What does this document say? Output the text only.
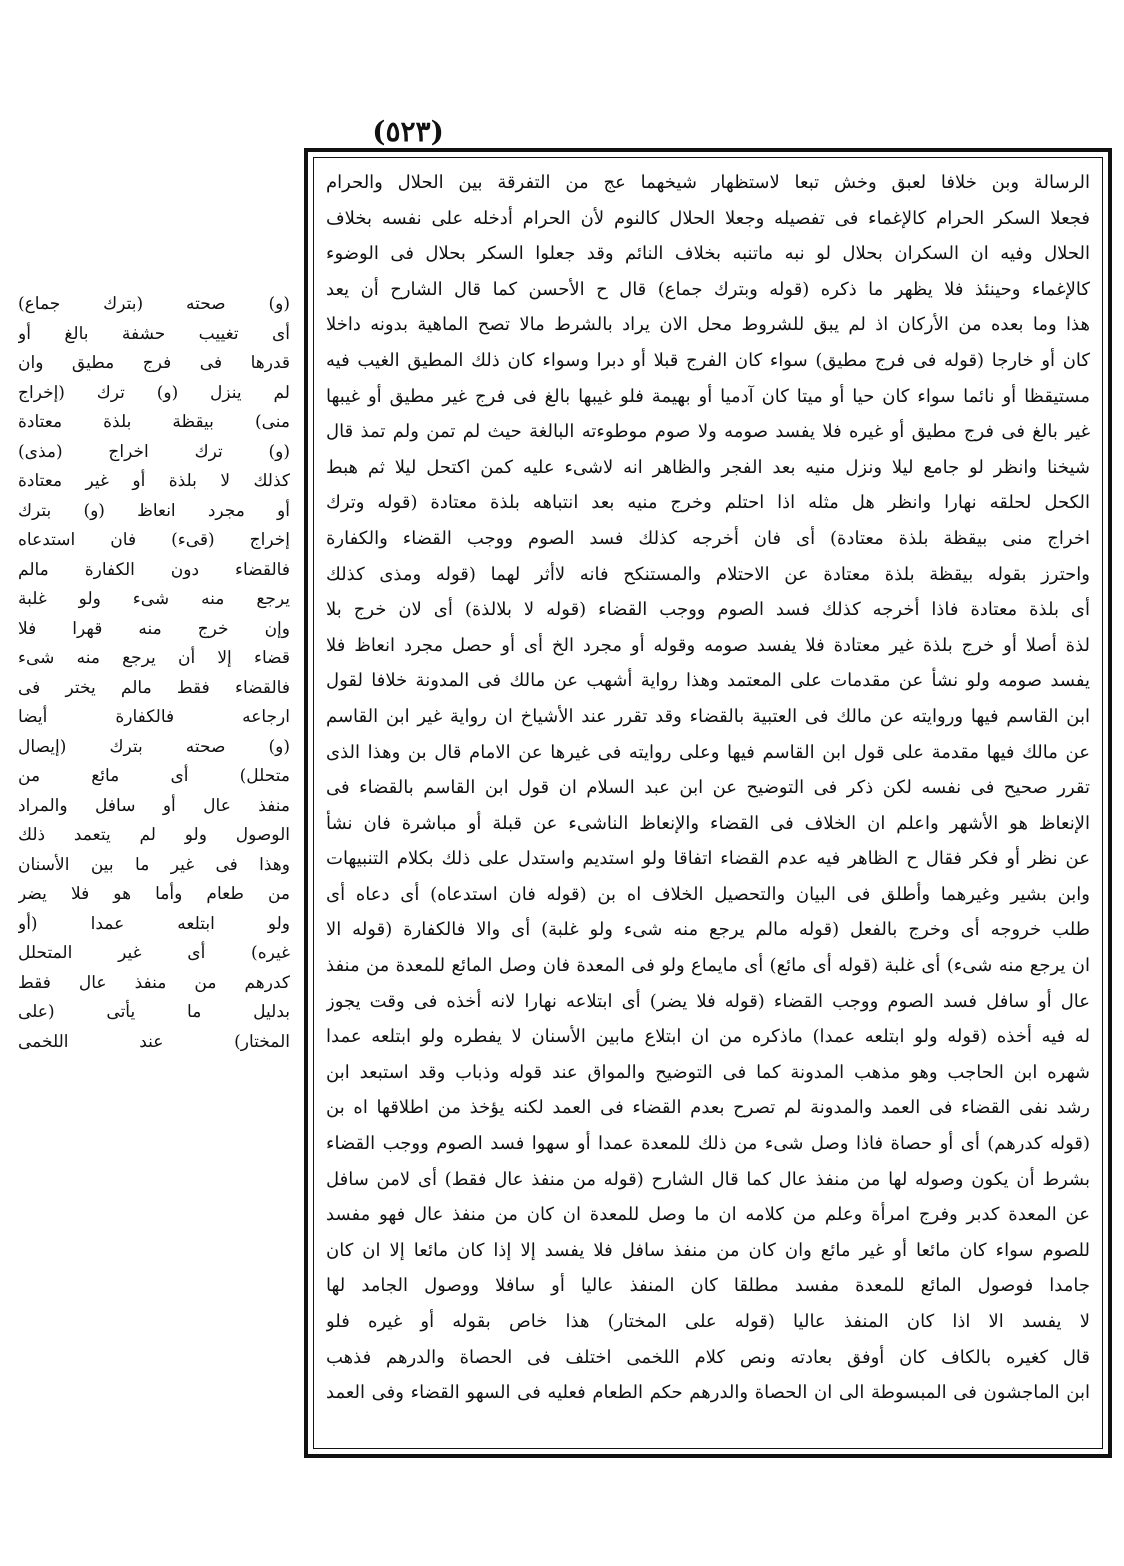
(٥٢٣)
(و) صحته (بترك جماع)
أى تغييب حشفة بالغ أو
قدرها فى فرج مطيق وان
لم ينزل (و) ترك (إخراج
منى) بيقظة بلذة معتادة
(و) ترك اخراج (مذى)
كذلك لا بلذة أو غير معتادة
أو مجرد انعاظ (و) بترك
إخراج (قىء) فان استدعاه
فالقضاء دون الكفارة مالم
يرجع منه شىء ولو غلبة
وإن خرج منه قهرا فلا
قضاء إلا أن يرجع منه شىء
فالقضاء فقط مالم يختر فى
ارجاعه فالكفارة أيضا
(و) صحته بترك (إيصال
متحلل) أى مائع من
منفذ عال أو سافل والمراد
الوصول ولو لم يتعمد ذلك
وهذا فى غير ما بين الأسنان
من طعام وأما هو فلا يضر
ولو ابتلعه عمدا (أو
غيره) أى غير المتحلل
كدرهم من منفذ عال فقط
بدليل ما يأتى (على
المختار) عند اللخمى
الرسالة وبن خلافا لعبق وخش تبعا لاستظهار شيخهما عج من التفرقة بين الحلال والحرام
فجعلا السكر الحرام كالإغماء فى تفصيله وجعلا الحلال كالنوم لأن الحرام أدخله على نفسه بخلاف
الحلال وفيه ان السكران بحلال لو نبه ماتنبه بخلاف النائم وقد جعلوا السكر بحلال فى الوضوء
كالإغماء وحينئذ فلا يظهر ما ذكره (قوله وبترك جماع) قال ح الأحسن كما قال الشارح أن يعد
هذا وما بعده من الأركان اذ لم يبق للشروط محل الان يراد بالشرط مالا تصح الماهية بدونه داخلا
كان أو خارجا (قوله فى فرج مطيق) سواء كان الفرج قبلا أو دبرا وسواء كان ذلك المطيق الغيب فيه
مستيقظا أو نائما سواء كان حيا أو ميتا كان آدميا أو بهيمة فلو غيبها بالغ فى فرج غير مطيق أو غيبها
غير بالغ فى فرج مطيق أو غيره فلا يفسد صومه ولا صوم موطوءته البالغة حيث لم تمن ولم تمذ قال
شيخنا وانظر لو جامع ليلا ونزل منيه بعد الفجر والظاهر انه لاشىء عليه كمن اكتحل ليلا ثم هبط
الكحل لحلقه نهارا وانظر هل مثله اذا احتلم وخرج منيه بعد انتباهه بلذة معتادة (قوله وترك
اخراج منى بيقظة بلذة معتادة) أى فان أخرجه كذلك فسد الصوم ووجب القضاء والكفارة
واحترز بقوله بيقظة بلذة معتادة عن الاحتلام والمستنكح فانه لاأثر لهما (قوله ومذى كذلك
أى بلذة معتادة فاذا أخرجه كذلك فسد الصوم ووجب القضاء (قوله لا بلالذة) أى لان خرج بلا
لذة أصلا أو خرج بلذة غير معتادة فلا يفسد صومه وقوله أو مجرد الخ أى أو حصل مجرد انعاظ فلا
يفسد صومه ولو نشأ عن مقدمات على المعتمد وهذا رواية أشهب عن مالك فى المدونة خلافا لقول
ابن القاسم فيها وروايته عن مالك فى العتبية بالقضاء وقد تقرر عند الأشياخ ان رواية غير ابن القاسم
عن مالك فيها مقدمة على قول ابن القاسم فيها وعلى روايته فى غيرها عن الامام قال بن وهذا الذى
تقرر صحيح فى نفسه لكن ذكر فى التوضيح عن ابن عبد السلام ان قول ابن القاسم بالقضاء فى
الإنعاظ هو الأشهر واعلم ان الخلاف فى القضاء والإنعاظ الناشىء عن قبلة أو مباشرة فان نشأ
عن نظر أو فكر فقال ح الظاهر فيه عدم القضاء اتفاقا ولو استديم واستدل على ذلك بكلام التنبيهات
وابن بشير وغيرهما وأطلق فى البيان والتحصيل الخلاف اه بن (قوله فان استدعاه) أى دعاه أى
طلب خروجه أى وخرج بالفعل (قوله مالم يرجع منه شىء ولو غلبة) أى والا فالكفارة (قوله الا
ان يرجع منه شىء) أى غلبة (قوله أى مائع) أى مايماع ولو فى المعدة فان وصل المائع للمعدة من منفذ
عال أو سافل فسد الصوم ووجب القضاء (قوله فلا يضر) أى ابتلاعه نهارا لانه أخذه فى وقت يجوز
له فيه أخذه (قوله ولو ابتلعه عمدا) ماذكره من ان ابتلاع مابين الأسنان لا يفطره ولو ابتلعه عمدا
شهره ابن الحاجب وهو مذهب المدونة كما فى التوضيح والمواق عند قوله وذباب وقد استبعد ابن
رشد نفى القضاء فى العمد والمدونة لم تصرح بعدم القضاء فى العمد لكنه يؤخذ من اطلاقها اه بن
(قوله كدرهم) أى أو حصاة فاذا وصل شىء من ذلك للمعدة عمدا أو سهوا فسد الصوم ووجب القضاء
بشرط أن يكون وصوله لها من منفذ عال كما قال الشارح (قوله من منفذ عال فقط) أى لامن سافل
عن المعدة كدبر وفرج امرأة وعلم من كلامه ان ما وصل للمعدة ان كان من منفذ عال فهو مفسد
للصوم سواء كان مائعا أو غير مائع وان كان من منفذ سافل فلا يفسد إلا إذا كان مائعا إلا ان كان
جامدا فوصول المائع للمعدة مفسد مطلقا كان المنفذ عاليا أو سافلا ووصول الجامد لها
لا يفسد الا اذا كان المنفذ عاليا (قوله على المختار) هذا خاص بقوله أو غيره فلو
قال كغيره بالكاف كان أوفق بعادته ونص كلام اللخمى اختلف فى الحصاة والدرهم فذهب
ابن الماجشون فى المبسوطة الى ان الحصاة والدرهم حكم الطعام فعليه فى السهو القضاء وفى العمد
